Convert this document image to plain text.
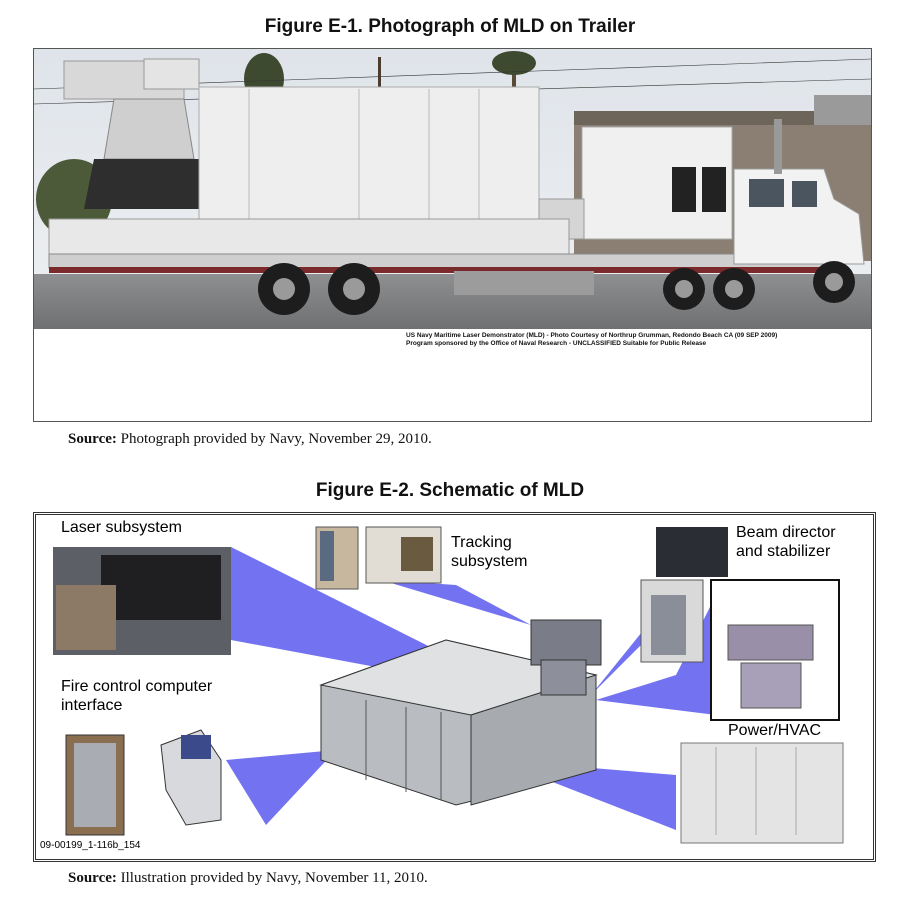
Figure E-1. Photograph of MLD on Trailer
US Navy Maritime Laser Demonstrator (MLD) - Photo Courtesy of Northrup Grumman, Redondo Beach CA (09 SEP 2009)
Program sponsored by the Office of Naval Research - UNCLASSIFIED Suitable for Public Release
Source: Photograph provided by Navy, November 29, 2010.
Figure E-2. Schematic of MLD
Laser subsystem
Tracking
subsystem
Beam director
and stabilizer
Fire control computer
interface
Power/HVAC
09-00199_1-116b_154
Source: Illustration provided by Navy, November 11, 2010.
